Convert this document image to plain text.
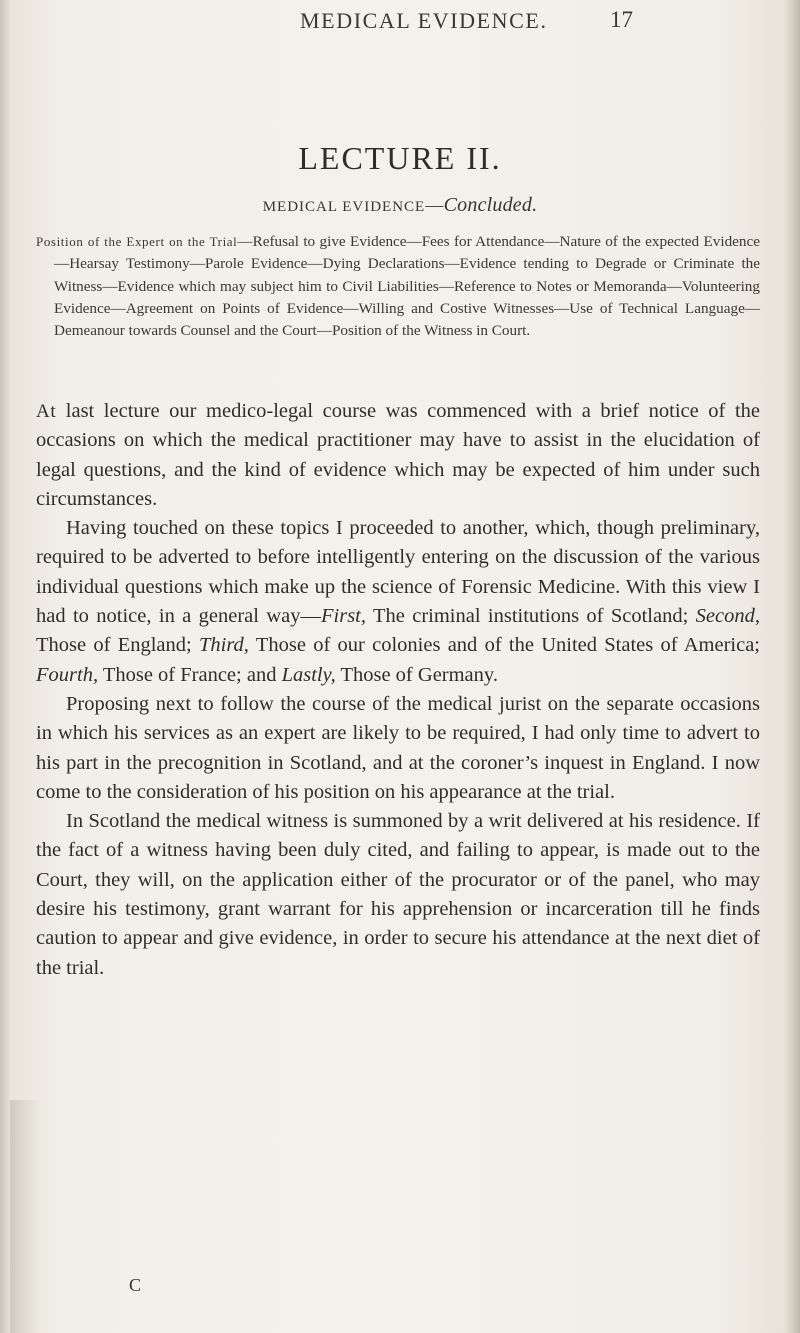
MEDICAL EVIDENCE.	17
LECTURE II.
MEDICAL EVIDENCE—Concluded.

Position of the Expert on the Trial—Refusal to give Evidence—Fees for Attendance—Nature of the expected Evidence—Hearsay Testimony—Parole Evidence—Dying Declarations—Evidence tending to Degrade or Criminate the Witness—Evidence which may subject him to Civil Liabilities—Reference to Notes or Memoranda—Volunteering Evidence—Agreement on Points of Evidence—Willing and Costive Witnesses—Use of Technical Language—Demeanour towards Counsel and the Court—Position of the Witness in Court.

At last lecture our medico-legal course was commenced with a brief notice of the occasions on which the medical practitioner may have to assist in the elucidation of legal questions, and the kind of evidence which may be expected of him under such circumstances.

Having touched on these topics I proceeded to another, which, though preliminary, required to be adverted to before intelligently entering on the discussion of the various individual questions which make up the science of Forensic Medicine. With this view I had to notice, in a general way—First, The criminal institutions of Scotland; Second, Those of England; Third, Those of our colonies and of the United States of America; Fourth, Those of France; and Lastly, Those of Germany.

Proposing next to follow the course of the medical jurist on the separate occasions in which his services as an expert are likely to be required, I had only time to advert to his part in the precognition in Scotland, and at the coroner’s inquest in England. I now come to the consideration of his position on his appearance at the trial.

In Scotland the medical witness is summoned by a writ delivered at his residence. If the fact of a witness having been duly cited, and failing to appear, is made out to the Court, they will, on the application either of the procurator or of the panel, who may desire his testimony, grant warrant for his apprehension or incarceration till he finds caution to appear and give evidence, in order to secure his attendance at the next diet of the trial.

C
